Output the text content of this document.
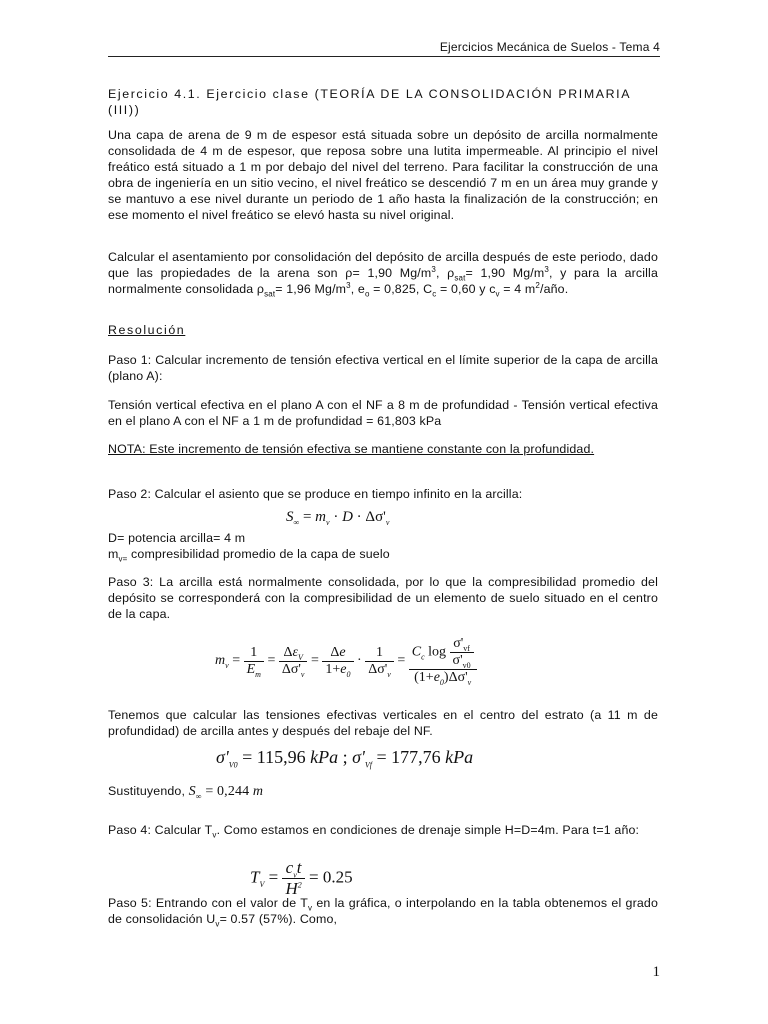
Ejercicios Mecánica de Suelos - Tema 4
Ejercicio 4.1. Ejercicio clase (TEORÍA DE LA CONSOLIDACIÓN PRIMARIA (III))
Una capa de arena de 9 m de espesor está situada sobre un depósito de arcilla normalmente consolidada de 4 m de espesor, que reposa sobre una lutita impermeable. Al principio el nivel freático está situado a 1 m por debajo del nivel del terreno. Para facilitar la construcción de una obra de ingeniería en un sitio vecino, el nivel freático se descendió 7 m en un área muy grande y se mantuvo a ese nivel durante un periodo de 1 año hasta la finalización de la construcción; en ese momento el nivel freático se elevó hasta su nivel original.
Calcular el asentamiento por consolidación del depósito de arcilla después de este periodo, dado que las propiedades de la arena son ρ= 1,90 $Mg/m^3$, $\rho_{sat}= 1,90$ $Mg/m^3$, y para la arcilla normalmente consolidada $\rho_{sat}= 1,96$ $Mg/m^3$, $e_o = 0,825$, $C_c = 0,60$ y $c_v = 4$ $m^2$/año.
Resolución
Paso 1: Calcular incremento de tensión efectiva vertical en el límite superior de la capa de arcilla (plano A):
Tensión vertical efectiva en el plano A con el NF a 8 m de profundidad - Tensión vertical efectiva en el plano A con el NF a 1 m de profundidad = 61,803 kPa
NOTA: Este incremento de tensión efectiva se mantiene constante con la profundidad.
Paso 2: Calcular el asiento que se produce en tiempo infinito en la arcilla:
$S_\infty = m_v \cdot D \cdot \Delta\sigma'_v$
D= potencia arcilla= 4 m
$m_{v=}$ compresibilidad promedio de la capa de suelo
Paso 3: La arcilla está normalmente consolidada, por lo que la compresibilidad promedio del depósito se corresponderá con la compresibilidad de un elemento de suelo situado en el centro de la capa.
$m_v = \frac{1}{E_m} = \frac{\Delta\varepsilon_V}{\Delta\sigma'_v} = \frac{\Delta e}{1+e_0} \cdot \frac{1}{\Delta\sigma'_v} = \frac{C_c \log \frac{\sigma'_{vf}}{\sigma'_{v0}}}{(1+e_0)\Delta\sigma'_v}$
Tenemos que calcular las tensiones efectivas verticales en el centro del estrato (a 11 m de profundidad) de arcilla antes y después del rebaje del NF.
$\sigma'_{V0} = 115,96$ kPa ; $\sigma'_{Vf} = 177,76$ kPa
Sustituyendo, $S_\infty = 0,244$ m
Paso 4: Calcular $T_v$. Como estamos en condiciones de drenaje simple H=D=4m. Para t=1 año:
$T_V = \frac{c_vt}{H^2} = 0.25$
Paso 5: Entrando con el valor de $T_v$ en la gráfica, o interpolando en la tabla obtenemos el grado de consolidación $U_v= 0.57$ (57%). Como,
1
